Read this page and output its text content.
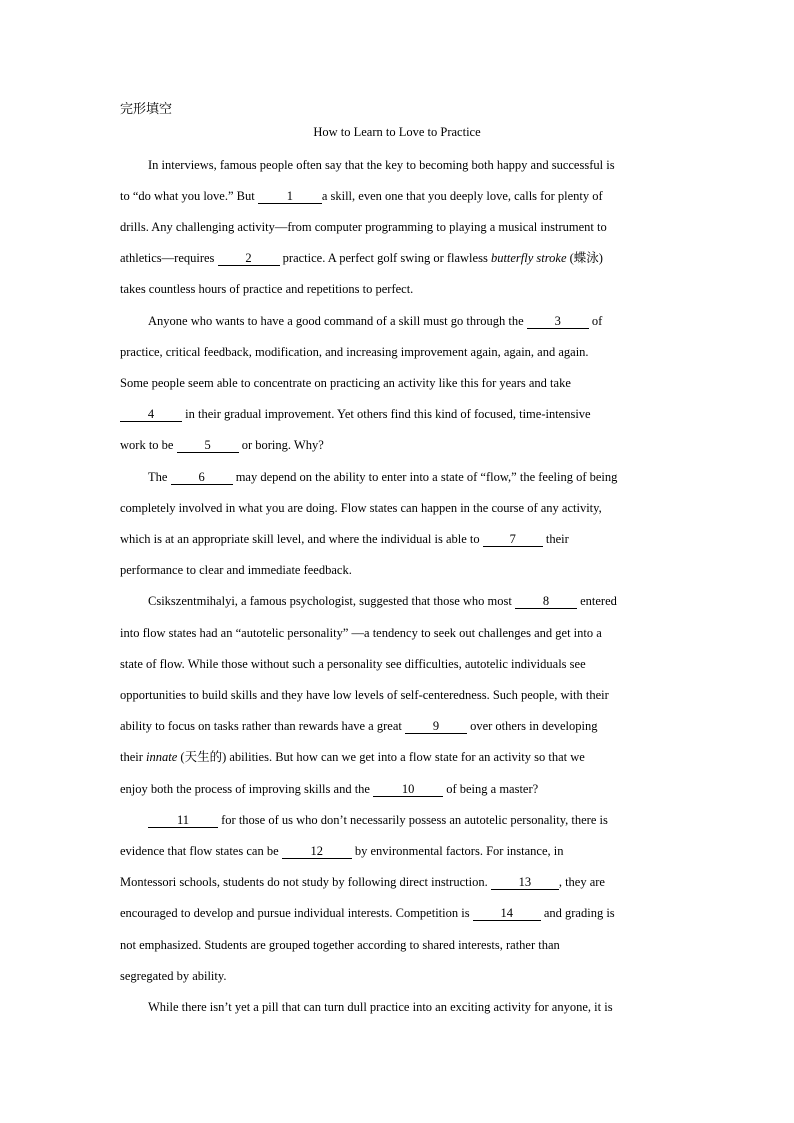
完形填空
How to Learn to Love to Practice
In interviews, famous people often say that the key to becoming both happy and successful is
to “do what you love.” But 1 a skill, even one that you deeply love, calls for plenty of
drills. Any challenging activity—from computer programming to playing a musical instrument to
athletics—requires 2 practice. A perfect golf swing or flawless butterfly stroke (蝶泳)
takes countless hours of practice and repetitions to perfect.
Anyone who wants to have a good command of a skill must go through the 3 of
practice, critical feedback, modification, and increasing improvement again, again, and again.
Some people seem able to concentrate on practicing an activity like this for years and take
4 in their gradual improvement. Yet others find this kind of focused, time-intensive
work to be 5 or boring. Why?
The 6 may depend on the ability to enter into a state of “flow,” the feeling of being
completely involved in what you are doing. Flow states can happen in the course of any activity,
which is at an appropriate skill level, and where the individual is able to 7 their
performance to clear and immediate feedback.
Csikszentmihalyi, a famous psychologist, suggested that those who most 8 entered
into flow states had an “autotelic personality” —a tendency to seek out challenges and get into a
state of flow. While those without such a personality see difficulties, autotelic individuals see
opportunities to build skills and they have low levels of self-centeredness. Such people, with their
ability to focus on tasks rather than rewards have a great 9 over others in developing
their innate (天生的) abilities. But how can we get into a flow state for an activity so that we
enjoy both the process of improving skills and the 10 of being a master?
11 for those of us who don’t necessarily possess an autotelic personality, there is
evidence that flow states can be 12 by environmental factors. For instance, in
Montessori schools, students do not study by following direct instruction. 13 , they are
encouraged to develop and pursue individual interests. Competition is 14 and grading is
not emphasized. Students are grouped together according to shared interests, rather than
segregated by ability.
While there isn’t yet a pill that can turn dull practice into an exciting activity for anyone, it is
